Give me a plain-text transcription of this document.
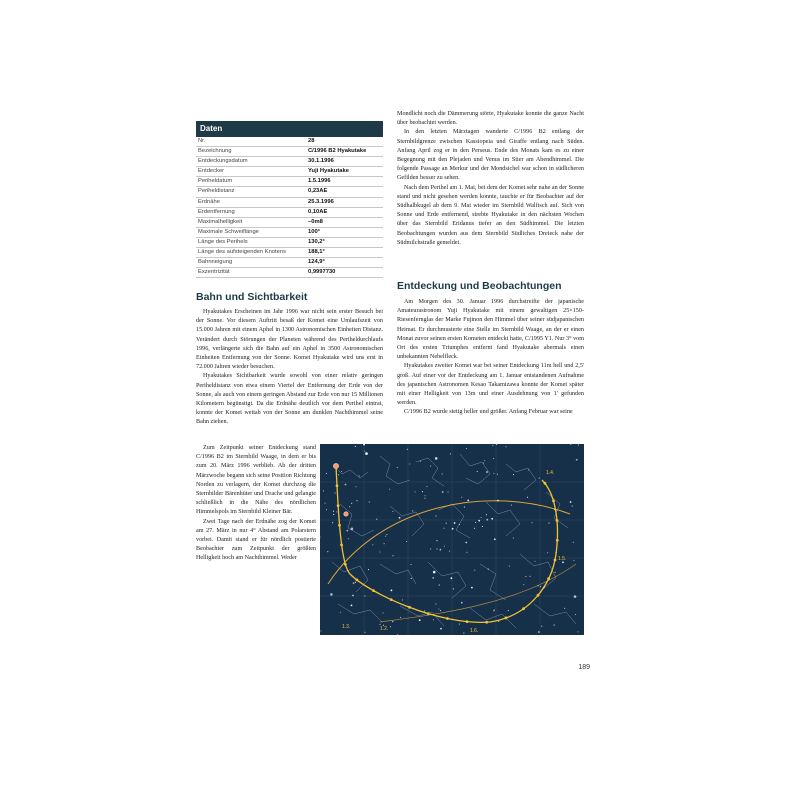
Daten
Nr.	28
Bezeichnung	C/1996 B2 Hyakutake
Entdeckungsdatum	30.1.1996
Entdecker	Yuji Hyakutake
Periheldatum	1.5.1996
Periheldistanz	0,23AE
Erdnähe	25.3.1996
Erdentfernung	0,10AE
Maximalhelligkeit	–0m8
Maximale Schweiflänge	100°
Länge des Perihels	130,2°
Länge des aufsteigenden Knotens	188,1°
Bahnneigung	124,9°
Exzentrizität	0,9997730

Mondlicht noch die Dämmerung störte, Hyakutake konnte die ganze Nacht über beobachtet werden.

In den letzten Märztagen wanderte C/1996 B2 entlang der Sternbildgrenze zwischen Kassiopeia und Giraffe entlang nach Süden. Anfang April zog er in den Perseus. Ende des Monats kam es zu einer Begegnung mit den Plejaden und Venus im Stier am Abendhimmel. Die folgende Passage an Merkur und der Mondsichel war schon in südlicheren Gefilden besser zu sehen.

Nach dem Perihel am 1. Mai, bei dem der Komet sehr nahe an der Sonne stand und nicht gesehen werden konnte, tauchte er für Beobachter auf der Südhalbkugel ab dem 9. Mai wieder im Sternbild Walfisch auf. Sich von Sonne und Erde entfernend, strebte Hyakutake in den nächsten Wochen über das Sternbild Eridanus tiefer an den Südhimmel. Die letzten Beobachtungen wurden aus dem Sternbild Südliches Dreieck nahe der Südmilchstraße gemeldet.

Bahn und Sichtbarkeit
Entdeckung und Beobachtungen

Hyakutakes Erscheinen im Jahr 1996 war nicht sein erster Besuch bei der Sonne. Vor diesem Auftritt besaß der Komet eine Umlaufszeit von 15.000 Jahren mit einem Aphel in 1300 Astronomischen Einheiten Distanz. Verändert durch Störungen der Planeten während des Periheldurchlaufs 1996, verlängerte sich die Bahn auf ein Aphel in 3500 Astronomischen Einheiten Entfernung von der Sonne. Komet Hyakutake wird uns erst in 72.000 Jahren wieder besuchen.

Hyakutakes Sichtbarkeit wurde sowohl von einer relativ geringen Periheldistanz von etwa einem Viertel der Entfernung der Erde von der Sonne, als auch von einem geringen Abstand zur Erde von nur 15 Millionen Kilometern begünstigt. Da die Erdnähe deutlich vor dem Perihel eintrat, konnte der Komet weitab von der Sonne am dunklen Nachthimmel seine Bahn ziehen.

Zum Zeitpunkt seiner Entdeckung stand C/1996 B2 im Sternbild Waage, in dem er bis zum 20. März 1996 verblieb. Ab der dritten Märzwoche begann sich seine Position Richtung Norden zu verlagern, der Komet durchzog die Sternbilder Bärenhüter und Drache und gelangte schließlich in die Nähe des nördlichen Himmelspols im Sternbild Kleiner Bär.

Zwei Tage nach der Erdnähe zog der Komet am 27. März in nur 4° Abstand am Polarstern vorbei. Damit stand er für nördlich postierte Beobachter zum Zeitpunkt der größten Helligkeit hoch am Nachthimmel. Weder

Am Morgen des 30. Januar 1996 durchstreifte der japanische Amateurastronom Yuji Hyakutake mit einem gewaltigen 25×150-Riesenfernglas der Marke Fujinon den Himmel über seiner südjapanischen Heimat. Er durchmusterte eine Stelle im Sternbild Waage, an der er einen Monat zuvor seinen ersten Kometen entdeckt hatte, C/1995 Y1. Nur 3° vom Ort des ersten Triumphes entfernt fand Hyakutake abermals einen unbekannten Nebelfleck.

Hyakutakes zweiter Komet war bei seiner Entdeckung 11m hell und 2,5' groß. Auf einer vor der Entdeckung am 1. Januar entstandenen Aufnahme des japanischen Astronomen Kesao Takamizawa konnte der Komet später mit einer Helligkeit von 13m und einer Ausdehnung von 1' gefunden werden.

C/1996 B2 wurde stetig heller und größer. Anfang Februar war seine

1.4.
1.5.
1.6.
1.3.	1.2.
189
